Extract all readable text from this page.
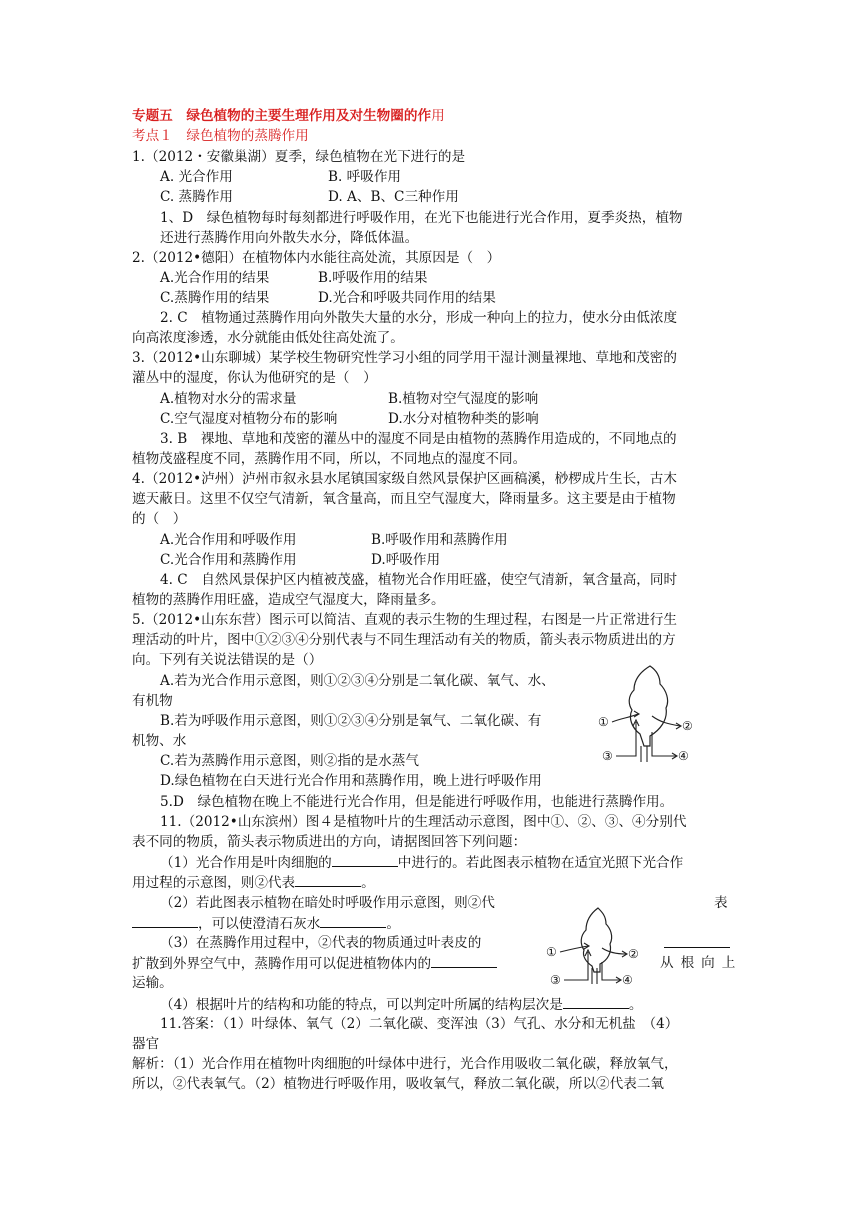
专题五　绿色植物的主要生理作用及对生物圈的作用
考点１　绿色植物的蒸腾作用
1.（2012・安徽巢湖）夏季，绿色植物在光下进行的是
A. 光合作用	B. 呼吸作用
C. 蒸腾作用	D. A、B、C三种作用
1、D　绿色植物每时每刻都进行呼吸作用，在光下也能进行光合作用，夏季炎热，植物
还进行蒸腾作用向外散失水分，降低体温。
2.（2012•德阳）在植物体内水能往高处流，其原因是（　）
A.光合作用的结果	B.呼吸作用的结果
C.蒸腾作用的结果	D.光合和呼吸共同作用的结果
2. C　植物通过蒸腾作用向外散失大量的水分，形成一种向上的拉力，使水分由低浓度
向高浓度渗透，水分就能由低处往高处流了。
3.（2012•山东聊城）某学校生物研究性学习小组的同学用干湿计测量裸地、草地和茂密的
灌丛中的湿度，你认为他研究的是（　）
A.植物对水分的需求量	B.植物对空气湿度的影响
C.空气湿度对植物分布的影响	D.水分对植物种类的影响
3. B　裸地、草地和茂密的灌丛中的湿度不同是由植物的蒸腾作用造成的，不同地点的
植物茂盛程度不同，蒸腾作用不同，所以，不同地点的湿度不同。
4.（2012•泸州）泸州市叙永县水尾镇国家级自然风景保护区画稿溪，桫椤成片生长，古木
遮天蔽日。这里不仅空气清新，氧含量高，而且空气湿度大，降雨量多。这主要是由于植物
的（　）
A.光合作用和呼吸作用	B.呼吸作用和蒸腾作用
C.光合作用和蒸腾作用	D.呼吸作用
4. C　自然风景保护区内植被茂盛，植物光合作用旺盛，使空气清新，氧含量高，同时
植物的蒸腾作用旺盛，造成空气湿度大，降雨量多。
5.（2012•山东东营）图示可以简洁、直观的表示生物的生理过程，右图是一片正常进行生
理活动的叶片，图中①②③④分别代表与不同生理活动有关的物质，箭头表示物质进出的方
向。下列有关说法错误的是（）
A.若为光合作用示意图，则①②③④分别是二氧化碳、氧气、水、
有机物
B.若为呼吸作用示意图，则①②③④分别是氧气、二氧化碳、有
机物、水
C.若为蒸腾作用示意图，则②指的是水蒸气
D.绿色植物在白天进行光合作用和蒸腾作用，晚上进行呼吸作用
5.D　绿色植物在晚上不能进行光合作用，但是能进行呼吸作用，也能进行蒸腾作用。
①	②
③	④
11.（2012•山东滨州）图４是植物叶片的生理活动示意图，图中①、②、③、④分别代
表不同的物质，箭头表示物质进出的方向，请据图回答下列问题：
（1）光合作用是叶肉细胞的	中进行的。若此图表示植物在适宜光照下光合作
用过程的示意图，则②代表	。
（2）若此图表示植物在暗处时呼吸作用示意图，则②代	表
，可以使澄清石灰水	。
（3）在蒸腾作用过程中，②代表的物质通过叶表皮的
扩散到外界空气中，蒸腾作用可以促进植物体内的	从根向上
运输。
①	②
③	④
（4）根据叶片的结构和功能的特点，可以判定叶所属的结构层次是	。
11.答案：（1）叶绿体、氧气（2）二氧化碳、变浑浊（3）气孔、水分和无机盐　（4）
器官
解析：（1）光合作用在植物叶肉细胞的叶绿体中进行，光合作用吸收二氧化碳，释放氧气，
所以，②代表氧气。（2）植物进行呼吸作用，吸收氧气，释放二氧化碳，所以②代表二氧
